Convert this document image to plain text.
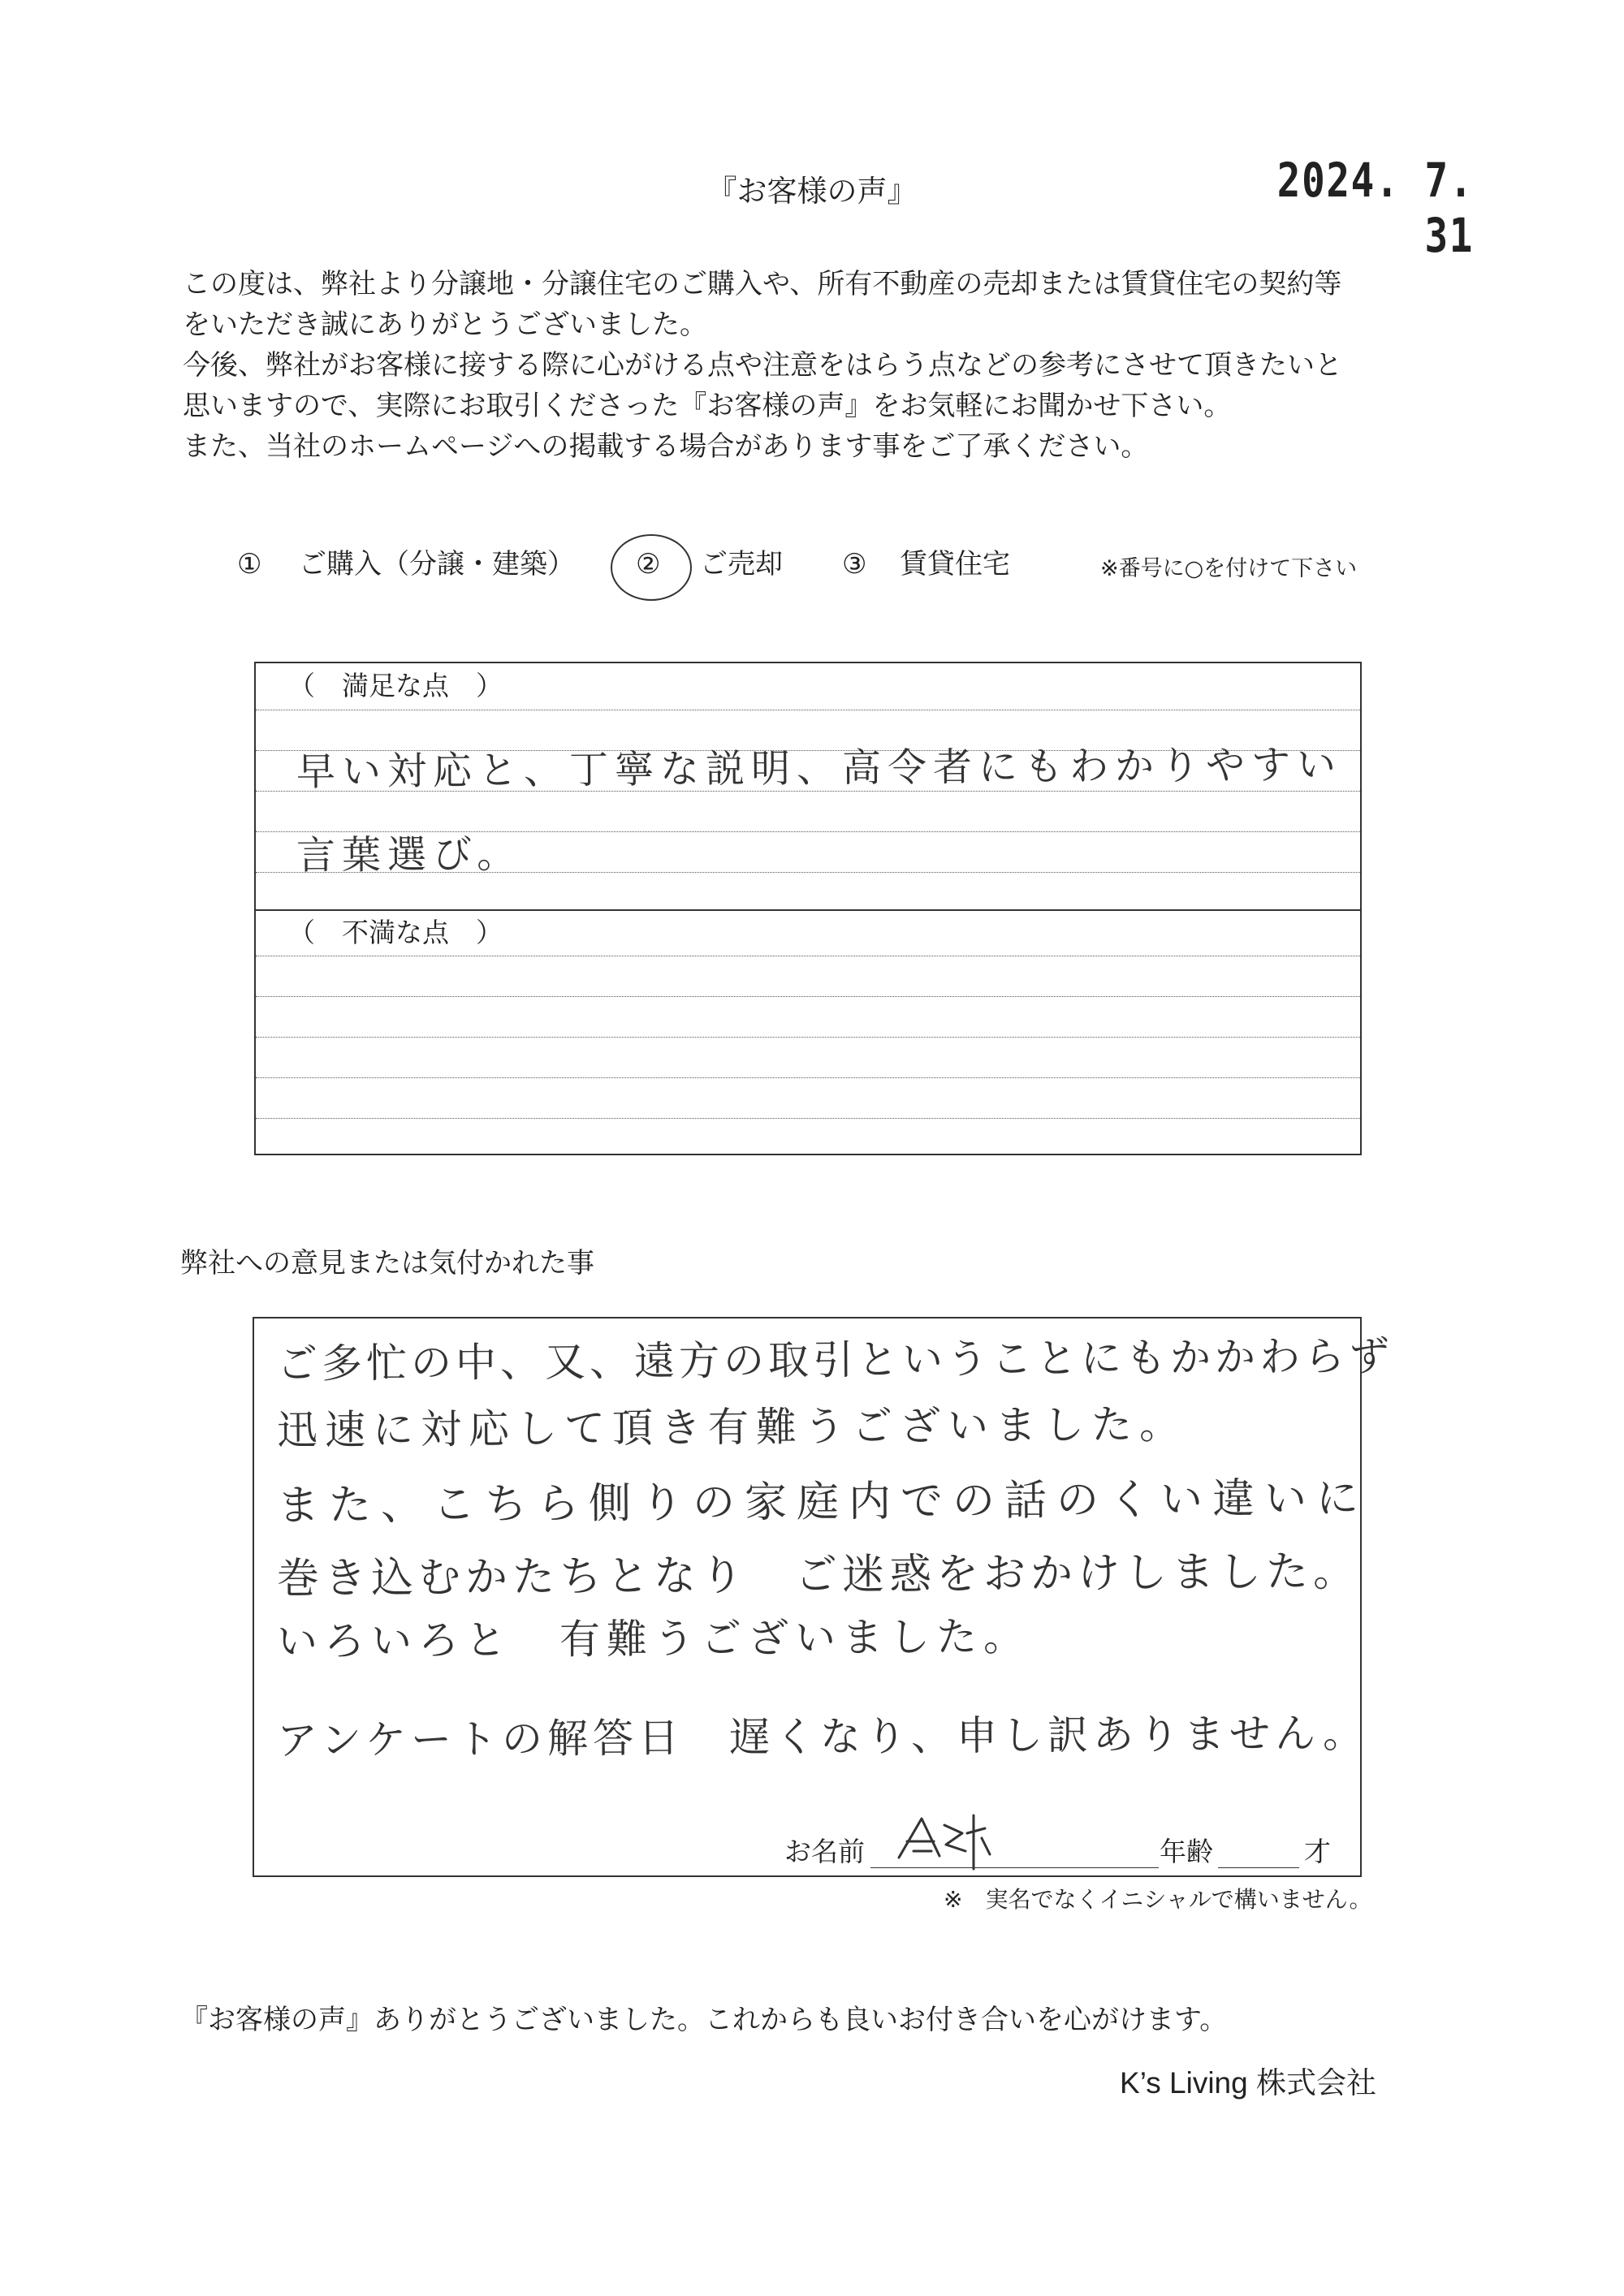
『お客様の声』	2024. 7. 31

この度は、弊社より分譲地・分譲住宅のご購入や、所有不動産の売却または賃貸住宅の契約等

をいただき誠にありがとうございました。

今後、弊社がお客様に接する際に心がける点や注意をはらう点などの参考にさせて頂きたいと

思いますので、実際にお取引くださった『お客様の声』をお気軽にお聞かせ下さい。

また、当社のホームページへの掲載する場合があります事をご了承ください。

① ご購入（分譲・建築） ② ご売却 ③ 賃貸住宅	※番号に○を付けて下さい
（　満足な点　）
早い対応と、丁寧な説明、高令者にもわかりやすい
言葉選び。
（　不満な点　）
弊社への意見または気付かれた事
ご多忙の中、又、遠方の取引ということにもかかわらず
迅速に対応して頂き有難うございました。
また、こちら側りの家庭内での話のくい違いに
巻き込むかたちとなり　ご迷惑をおかけしました。
いろいろと　有難うございました。
アンケートの解答日　遅くなり、申し訳ありません。
お名前	年齢	才
※　実名でなくイニシャルで構いません。
『お客様の声』ありがとうございました。これからも良いお付き合いを心がけます。
K’s Living 株式会社
